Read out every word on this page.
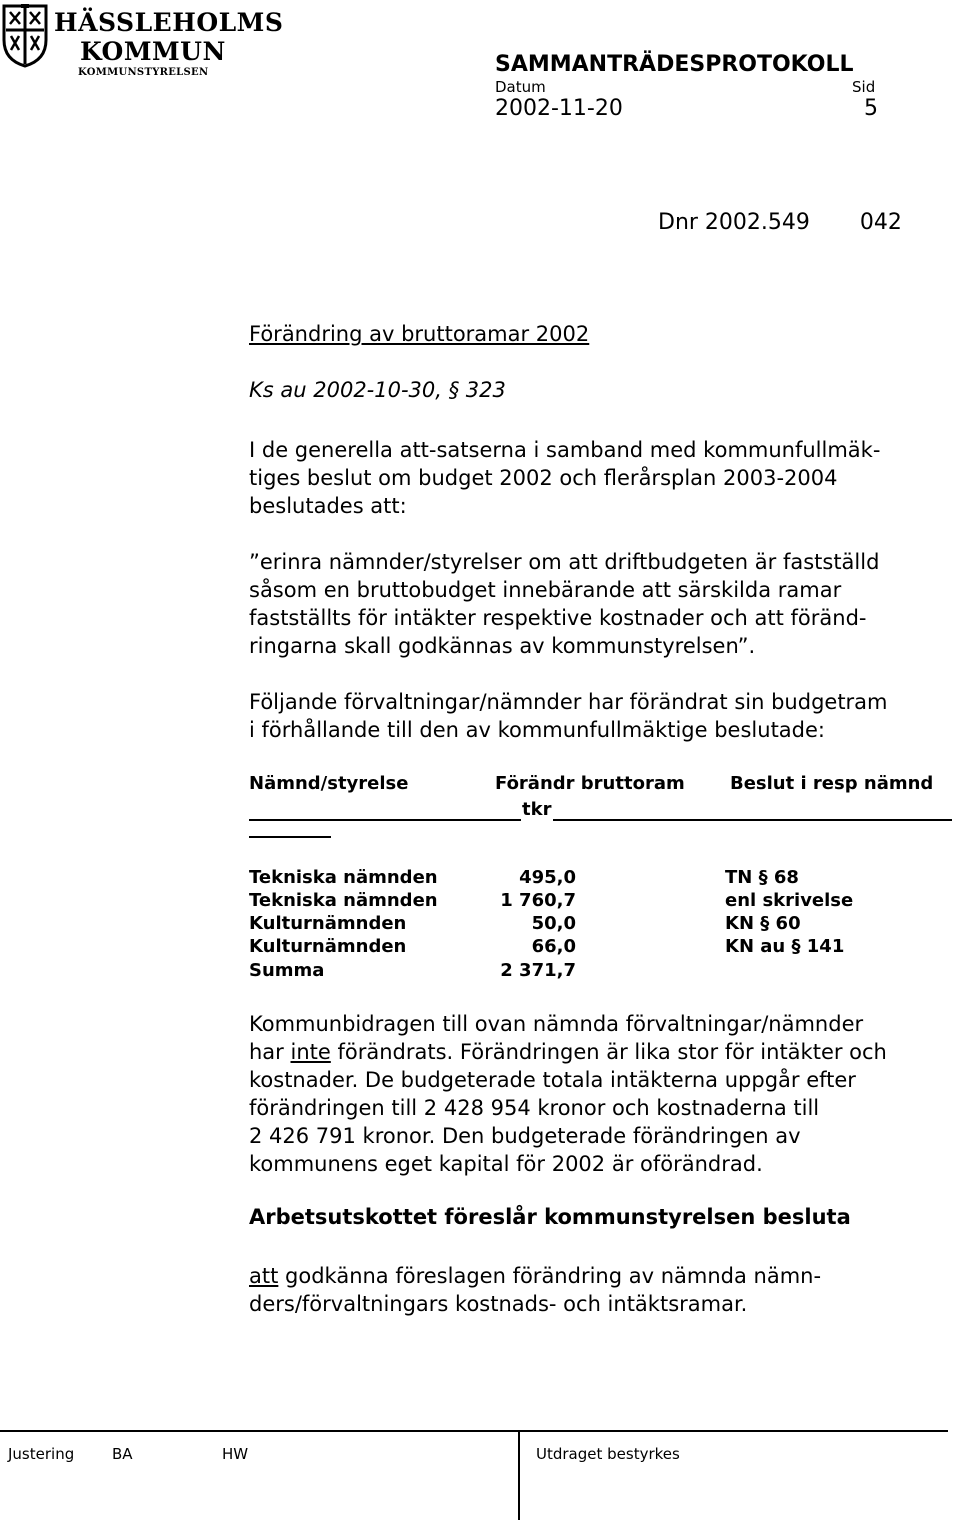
HÄSSLEHOLMS
KOMMUN
KOMMUNSTYRELSEN	SAMMANTRÄDESPROTOKOLL
Datum	Sid
2002-11-20	5
Dnr 2002.549 042
Förändring av bruttoramar 2002
Ks au 2002-10-30, § 323
I de generella att-satserna i samband med kommunfullmäk-
tiges beslut om budget 2002 och flerårsplan 2003-2004
beslutades att:
”erinra nämnder/styrelser om att driftbudgeten är fastställd
såsom en bruttobudget innebärande att särskilda ramar
fastställts för intäkter respektive kostnader och att föränd-
ringarna skall godkännas av kommunstyrelsen”.
Följande förvaltningar/nämnder har förändrat sin budgetram
i förhållande till den av kommunfullmäktige beslutade:
Nämnd/styrelse	Förändr bruttoram	Beslut i resp nämnd
tkr
Tekniska nämnden	495,0	TN § 68
Tekniska nämnden	1 760,7	enl skrivelse
Kulturnämnden	50,0	KN § 60
Kulturnämnden	66,0	KN au § 141
Summa	2 371,7
Kommunbidragen till ovan nämnda förvaltningar/nämnder
har inte förändrats. Förändringen är lika stor för intäkter och
kostnader. De budgeterade totala intäkterna uppgår efter
förändringen till 2 428 954 kronor och kostnaderna till
2 426 791 kronor. Den budgeterade förändringen av
kommunens eget kapital för 2002 är oförändrad.
Arbetsutskottet föreslår kommunstyrelsen besluta
att godkänna föreslagen förändring av nämnda nämn-
ders/förvaltningars kostnads- och intäktsramar.
Justering	BA	HW	Utdraget bestyrkes
